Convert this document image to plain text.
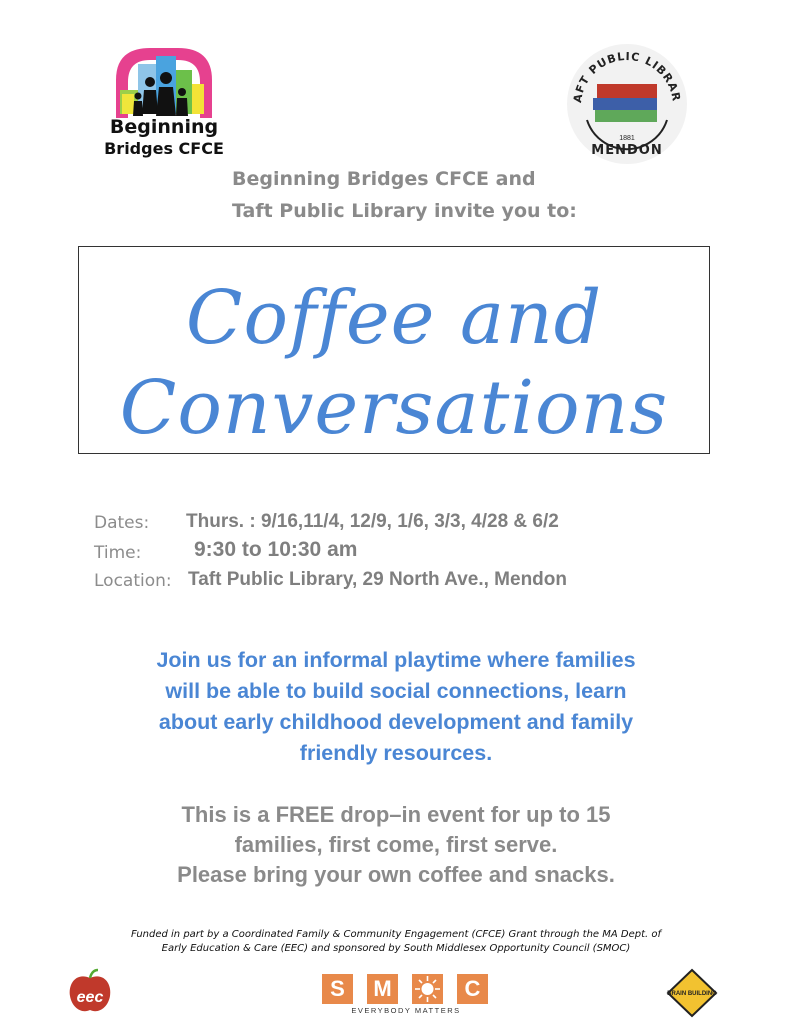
Beginning
Bridges CFCE
AFT PUBLIC LIBRAR
1881
MENDON
Beginning Bridges CFCE and
Taft Public Library invite you to:
Coffee and
Conversations
Dates: Thurs. : 9/16,11/4, 12/9, 1/6, 3/3, 4/28 & 6/2
Time:	9:30 to 10:30 am
Location: Taft Public Library, 29 North Ave., Mendon
Join us for an informal playtime where families
will be able to build social connections, learn
about early childhood development and family
friendly resources.
This is a FREE drop–in event for up to 15
families, first come, first serve.
Please bring your own coffee and snacks.
Funded in part by a Coordinated Family & Community Engagement (CFCE) Grant through the MA Dept. of
Early Education & Care (EEC) and sponsored by South Middlesex Opportunity Council (SMOC)
eec	S	M	C
EVERYBODY MATTERS
BRAIN BUILDING
